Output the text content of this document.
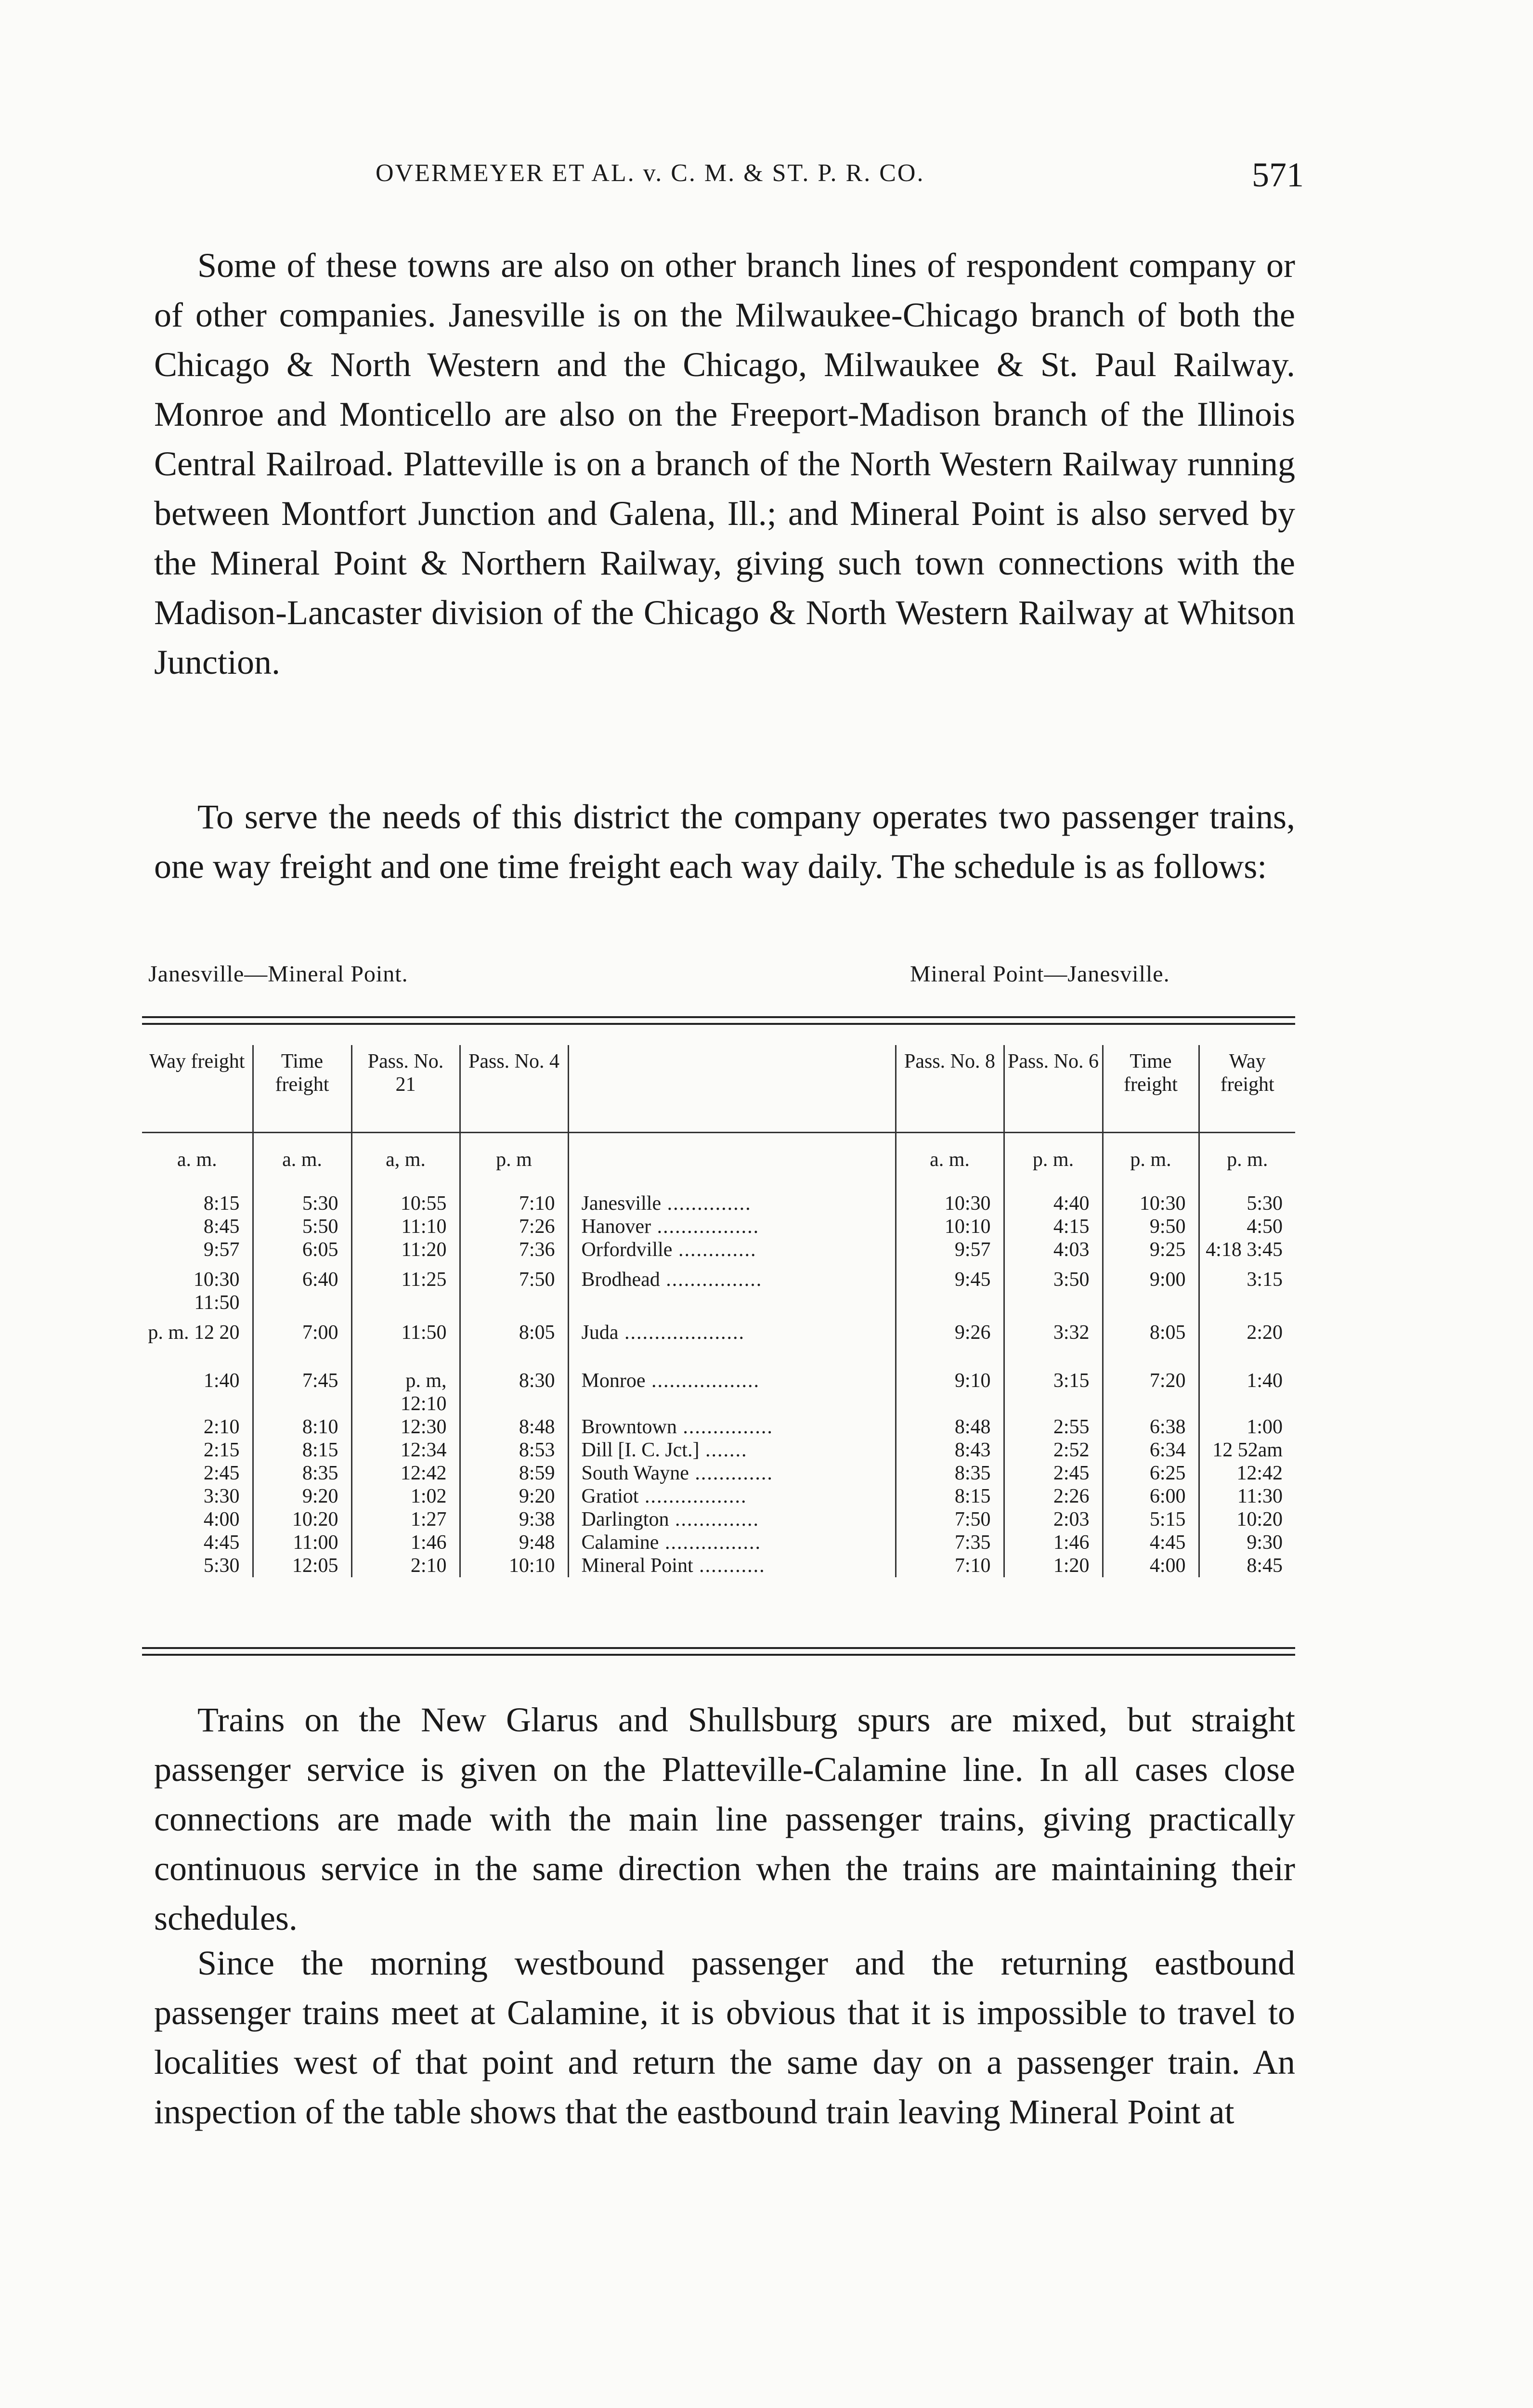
OVERMEYER ET AL. v. C. M. & ST. P. R. CO.	571

Some of these towns are also on other branch lines of respondent company or of other companies. Janesville is on the Milwaukee-Chicago branch of both the Chicago & North Western and the Chicago, Milwaukee & St. Paul Railway. Monroe and Monticello are also on the Freeport-Madison branch of the Illinois Central Railroad. Platteville is on a branch of the North Western Railway running between Montfort Junction and Galena, Ill.; and Mineral Point is also served by the Mineral Point & Northern Railway, giving such town connections with the Madison-Lancaster division of the Chicago & North Western Railway at Whitson Junction.

To serve the needs of this district the company operates two passenger trains, one way freight and one time freight each way daily. The schedule is as follows:

Janesville—Mineral Point.	Mineral Point—Janesville.
Way freight	Time freight	Pass. No. 21	Pass. No. 4		Pass. No. 8	Pass. No. 6	Time freight	Way freight
a. m.	a. m.	a, m.	p. m		a. m.	p. m.	p. m.	p. m.
8:15	5:30	10:55	7:10	Janesville ..............	10:30	4:40	10:30	5:30
8:45	5:50	11:10	7:26	Hanover .................	10:10	4:15	9:50	4:50
9:57	6:05	11:20	7:36	Orfordville .............	9:57	4:03	9:25	4:18 3:45
10:30 11:50	6:40	11:25	7:50	Brodhead ................	9:45	3:50	9:00	3:15
p. m. 12 20	7:00	11:50	8:05	Juda ....................	9:26	3:32	8:05	2:20
1:40	7:45	p. m, 12:10	8:30	Monroe ..................	9:10	3:15	7:20	1:40
2:10	8:10	12:30	8:48	Browntown ...............	8:48	2:55	6:38	1:00
2:15	8:15	12:34	8:53	Dill [I. C. Jct.] .......	8:43	2:52	6:34	12 52am
2:45	8:35	12:42	8:59	South Wayne .............	8:35	2:45	6:25	12:42
3:30	9:20	1:02	9:20	Gratiot .................	8:15	2:26	6:00	11:30
4:00	10:20	1:27	9:38	Darlington ..............	7:50	2:03	5:15	10:20
4:45	11:00	1:46	9:48	Calamine ................	7:35	1:46	4:45	9:30
5:30	12:05	2:10	10:10	Mineral Point ...........	7:10	1:20	4:00	8:45

Trains on the New Glarus and Shullsburg spurs are mixed, but straight passenger service is given on the Platteville-Calamine line. In all cases close connections are made with the main line passenger trains, giving practically continuous service in the same direction when the trains are maintaining their schedules.

Since the morning westbound passenger and the returning eastbound passenger trains meet at Calamine, it is obvious that it is impossible to travel to localities west of that point and return the same day on a passenger train. An inspection of the table shows that the eastbound train leaving Mineral Point at
